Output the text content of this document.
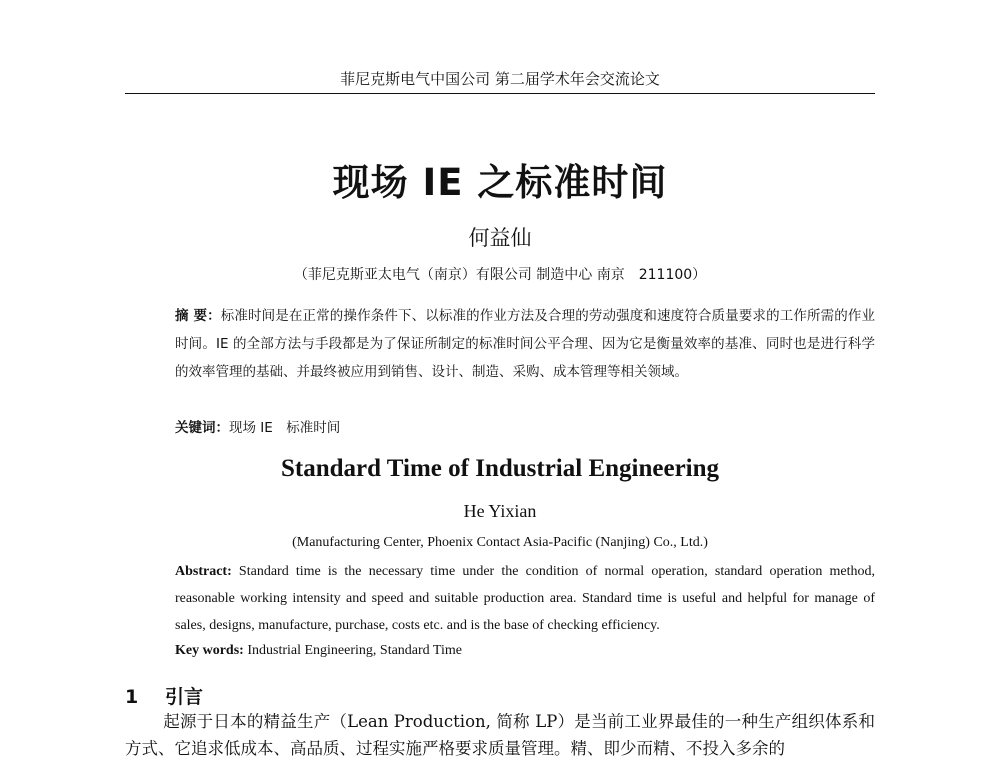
菲尼克斯电气中国公司 第二届学术年会交流论文
现场 IE 之标准时间
何益仙
（菲尼克斯亚太电气（南京）有限公司 制造中心 南京　211100）
摘 要：标准时间是在正常的操作条件下、以标准的作业方法及合理的劳动强度和速度符合质量要求的工作所需的作业时间。IE 的全部方法与手段都是为了保证所制定的标准时间公平合理、因为它是衡量效率的基准、同时也是进行科学的效率管理的基础、并最终被应用到销售、设计、制造、采购、成本管理等相关领域。
关键词：现场 IE　标准时间
Standard Time of Industrial Engineering
He Yixian
(Manufacturing Center, Phoenix Contact Asia-Pacific (Nanjing) Co., Ltd.)
Abstract: Standard time is the necessary time under the condition of normal operation, standard operation method, reasonable working intensity and speed and suitable production area. Standard time is useful and helpful for manage of sales, designs, manufacture, purchase, costs etc. and is the base of checking efficiency.
Key words: Industrial Engineering, Standard Time
1 引言
起源于日本的精益生产（Lean Production, 简称 LP）是当前工业界最佳的一种生产组织体系和方式、它追求低成本、高品质、过程实施严格要求质量管理。精、即少而精、不投入多余的
